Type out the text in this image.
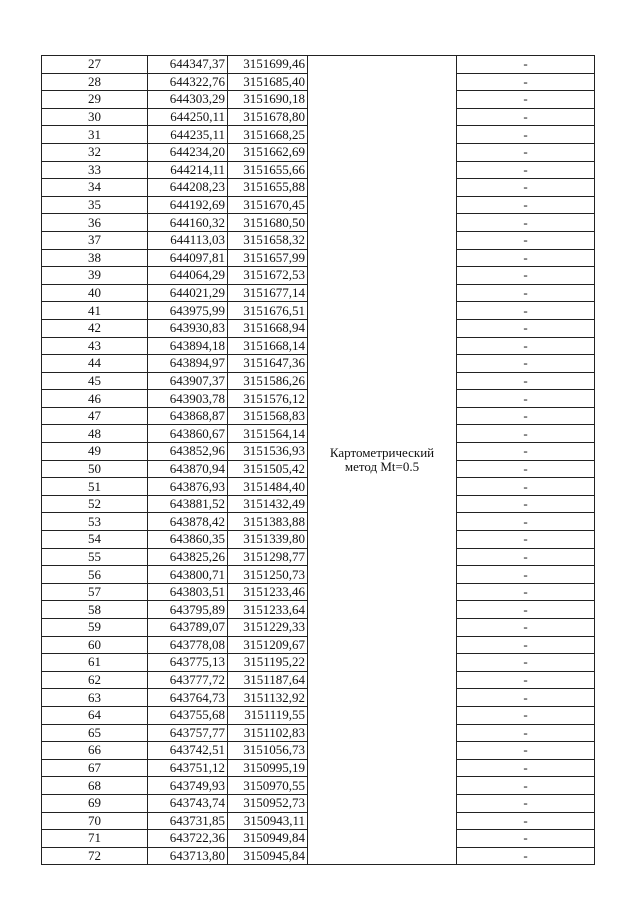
27	644347,37	3151699,46	Картометрический
метод Mt=0.5	-
28	644322,76	3151685,40		-
29	644303,29	3151690,18		-
30	644250,11	3151678,80		-
31	644235,11	3151668,25		-
32	644234,20	3151662,69		-
33	644214,11	3151655,66		-
34	644208,23	3151655,88		-
35	644192,69	3151670,45		-
36	644160,32	3151680,50		-
37	644113,03	3151658,32		-
38	644097,81	3151657,99		-
39	644064,29	3151672,53		-
40	644021,29	3151677,14		-
41	643975,99	3151676,51		-
42	643930,83	3151668,94		-
43	643894,18	3151668,14		-
44	643894,97	3151647,36		-
45	643907,37	3151586,26		-
46	643903,78	3151576,12		-
47	643868,87	3151568,83		-
48	643860,67	3151564,14		-
49	643852,96	3151536,93		-
50	643870,94	3151505,42		-
51	643876,93	3151484,40		-
52	643881,52	3151432,49		-
53	643878,42	3151383,88		-
54	643860,35	3151339,80		-
55	643825,26	3151298,77		-
56	643800,71	3151250,73		-
57	643803,51	3151233,46		-
58	643795,89	3151233,64		-
59	643789,07	3151229,33		-
60	643778,08	3151209,67		-
61	643775,13	3151195,22		-
62	643777,72	3151187,64		-
63	643764,73	3151132,92		-
64	643755,68	3151119,55		-
65	643757,77	3151102,83		-
66	643742,51	3151056,73		-
67	643751,12	3150995,19		-
68	643749,93	3150970,55		-
69	643743,74	3150952,73		-
70	643731,85	3150943,11		-
71	643722,36	3150949,84		-
72	643713,80	3150945,84		-
